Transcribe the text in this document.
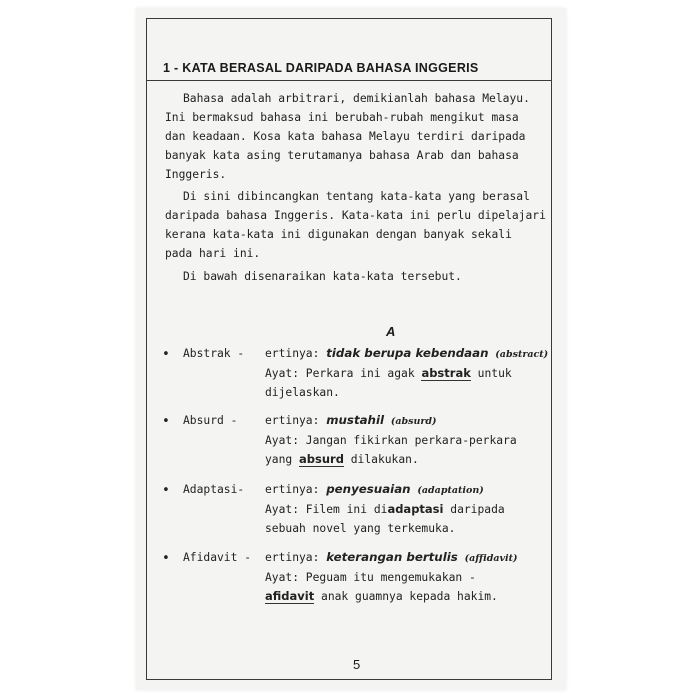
1 - KATA BERASAL DARIPADA BAHASA INGGERIS
Bahasa adalah arbitrari, demikianlah bahasa Melayu.
Ini bermaksud bahasa ini berubah-rubah mengikut masa
dan keadaan. Kosa kata bahasa Melayu terdiri daripada
banyak kata asing terutamanya bahasa Arab dan bahasa
Inggeris.
Di sini dibincangkan tentang kata-kata yang berasal
daripada bahasa Inggeris. Kata-kata ini perlu dipelajari
kerana kata-kata ini digunakan dengan banyak sekali
pada hari ini.
Di bawah disenaraikan kata-kata tersebut.
A
• Abstrak - ertinya: tidak berupa kebendaan (abstract)
Ayat: Perkara ini agak abstrak untuk
dijelaskan.
• Absurd - ertinya: mustahil (absurd)
Ayat: Jangan fikirkan perkara-perkara
yang absurd dilakukan.
• Adaptasi- ertinya: penyesuaian (adaptation)
Ayat: Filem ini diadaptasi daripada
sebuah novel yang terkemuka.
• Afidavit - ertinya: keterangan bertulis (affidavit)
Ayat: Peguam itu mengemukakan -
afidavit anak guamnya kepada hakim.
5
